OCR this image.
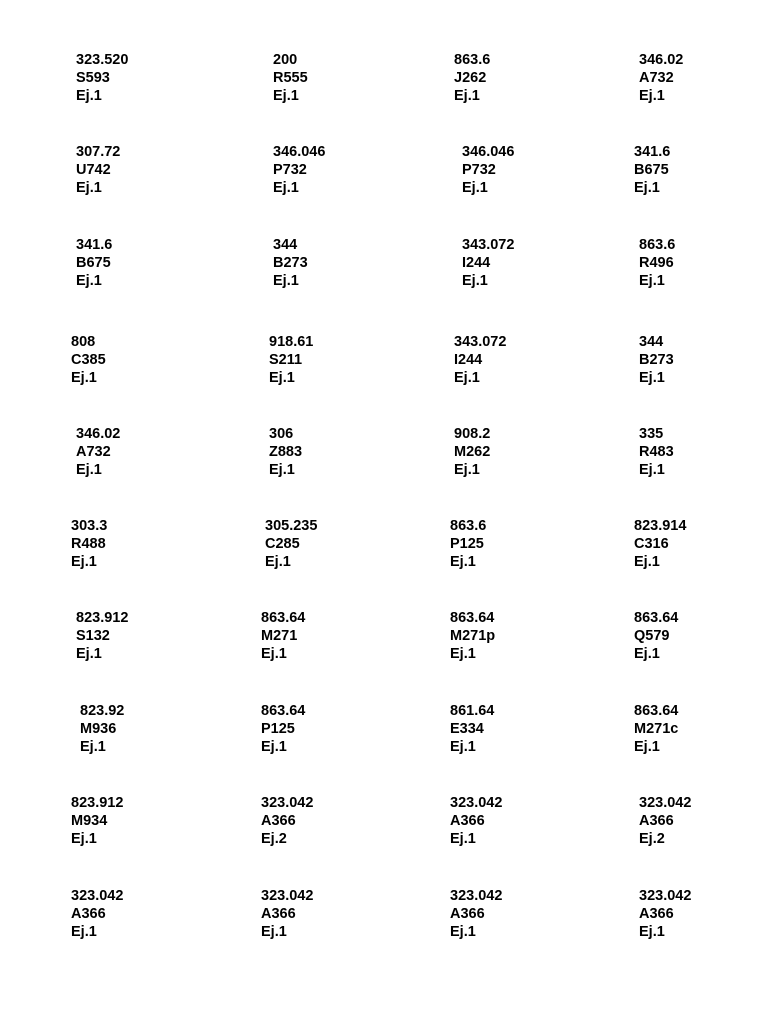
323.520
S593
Ej.1
200
R555
Ej.1
863.6
J262
Ej.1
346.02
A732
Ej.1
307.72
U742
Ej.1
346.046
P732
Ej.1
346.046
P732
Ej.1
341.6
B675
Ej.1
341.6
B675
Ej.1
344
B273
Ej.1
343.072
I244
Ej.1
863.6
R496
Ej.1
808
C385
Ej.1
918.61
S211
Ej.1
343.072
I244
Ej.1
344
B273
Ej.1
346.02
A732
Ej.1
306
Z883
Ej.1
908.2
M262
Ej.1
335
R483
Ej.1
303.3
R488
Ej.1
305.235
C285
Ej.1
863.6
P125
Ej.1
823.914
C316
Ej.1
823.912
S132
Ej.1
863.64
M271
Ej.1
863.64
M271p
Ej.1
863.64
Q579
Ej.1
823.92
M936
Ej.1
863.64
P125
Ej.1
861.64
E334
Ej.1
863.64
M271c
Ej.1
823.912
M934
Ej.1
323.042
A366
Ej.2
323.042
A366
Ej.1
323.042
A366
Ej.2
323.042
A366
Ej.1
323.042
A366
Ej.1
323.042
A366
Ej.1
323.042
A366
Ej.1
